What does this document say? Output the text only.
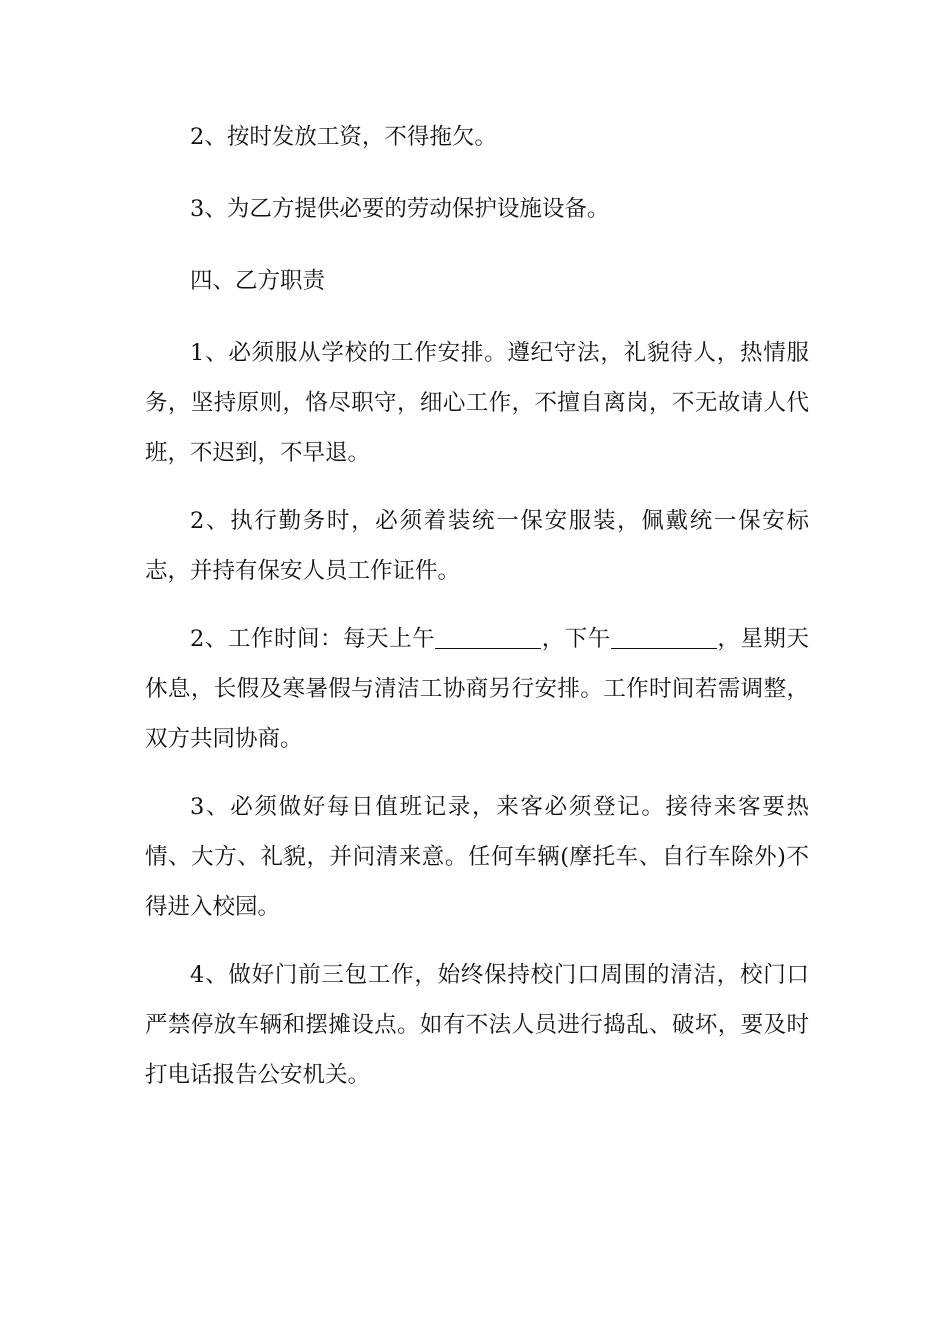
2、按时发放工资，不得拖欠。

3、为乙方提供必要的劳动保护设施设备。

四、乙方职责

1、必须服从学校的工作安排。遵纪守法，礼貌待人，热情服务，坚持原则，恪尽职守，细心工作，不擅自离岗，不无故请人代班，不迟到，不早退。

2、执行勤务时，必须着装统一保安服装，佩戴统一保安标志，并持有保安人员工作证件。

2、工作时间：每天上午	，下午	，星期天休息，长假及寒暑假与清洁工协商另行安排。工作时间若需调整，双方共同协商。

3、必须做好每日值班记录，来客必须登记。接待来客要热情、大方、礼貌，并问清来意。任何车辆(摩托车、自行车除外)不得进入校园。

4、做好门前三包工作，始终保持校门口周围的清洁，校门口严禁停放车辆和摆摊设点。如有不法人员进行捣乱、破坏，要及时打电话报告公安机关。
